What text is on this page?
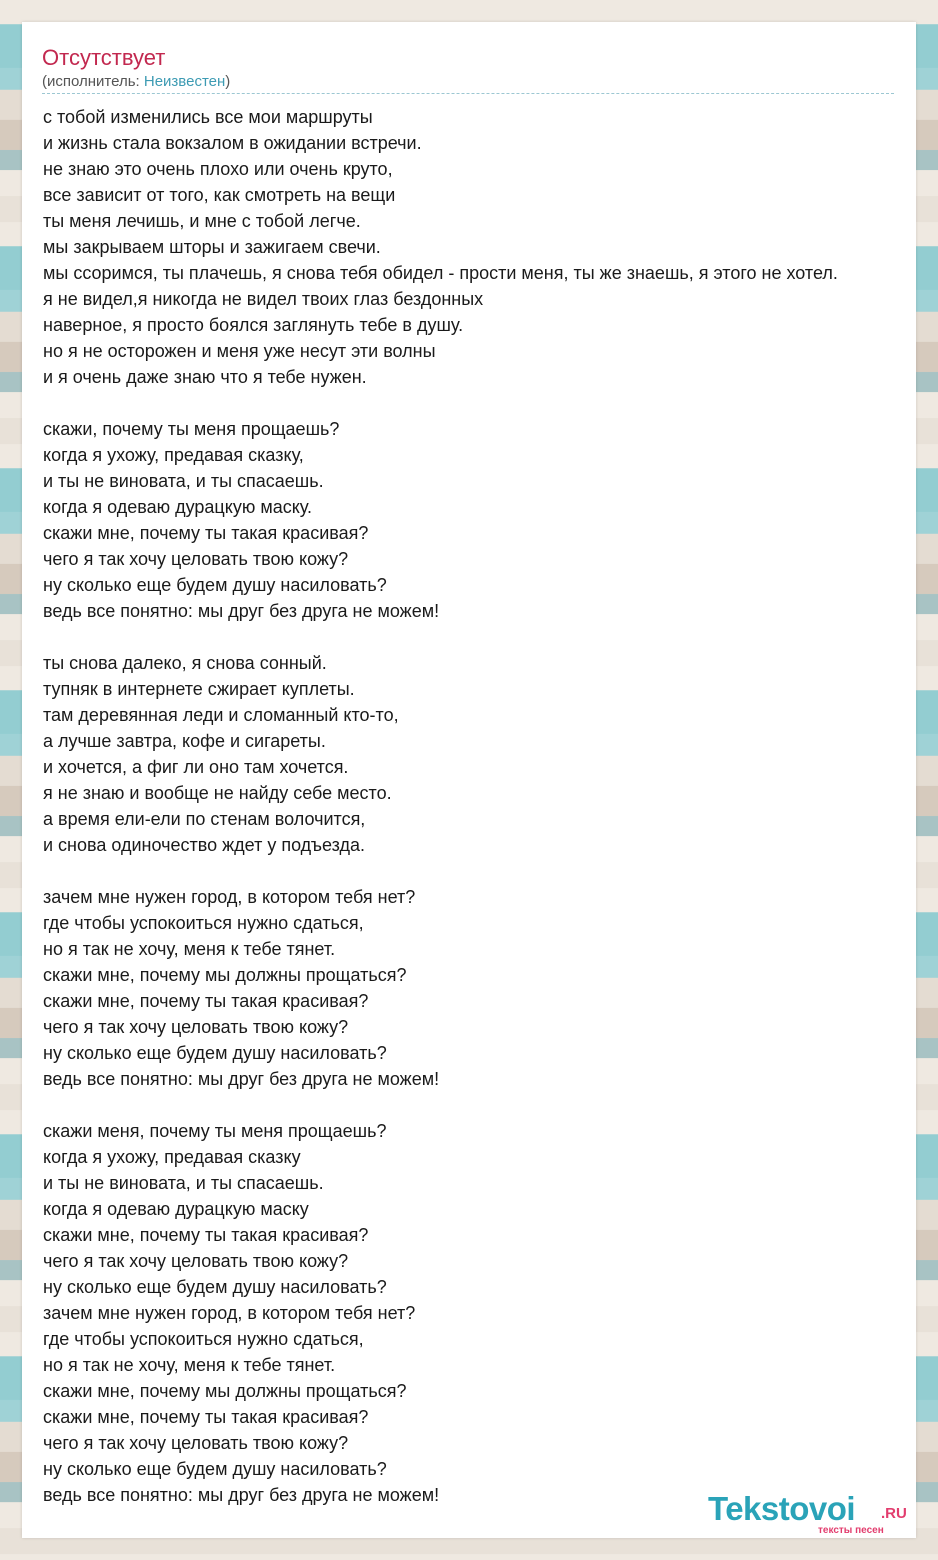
Отсутствует
(исполнитель: Неизвестен)
с тобой изменились все мои маршруты
и жизнь стала вокзалом в ожидании встречи.
не знаю это очень плохо или очень круто,
все зависит от того, как смотреть на вещи
ты меня лечишь, и мне с тобой легче.
мы закрываем шторы и зажигаем свечи.
мы ссоримся, ты плачешь, я снова тебя обидел - прости меня, ты же знаешь, я этого не хотел.
я не видел,я никогда не видел твоих глаз бездонных
наверное, я просто боялся заглянуть тебе в душу.
но я не осторожен и меня уже несут эти волны
и я очень даже знаю что я тебе нужен.

скажи, почему ты меня прощаешь?
когда я ухожу, предавая сказку,
и ты не виновата, и ты спасаешь.
когда я одеваю дурацкую маску.
скажи мне, почему ты такая красивая?
чего я так хочу целовать твою кожу?
ну сколько еще будем душу насиловать?
ведь все понятно: мы друг без друга не можем!

ты снова далеко, я снова сонный.
тупняк в интернете сжирает куплеты.
там деревянная леди и сломанный кто-то,
а лучше завтра, кофе и сигареты.
и хочется, а фиг ли оно там хочется.
я не знаю и вообще не найду себе место.
а время ели-ели по стенам волочится,
и снова одиночество ждет у подъезда.

зачем мне нужен город, в котором тебя нет?
где чтобы успокоиться нужно сдаться,
но я так не хочу, меня к тебе тянет.
скажи мне, почему мы должны прощаться?
скажи мне, почему ты такая красивая?
чего я так хочу целовать твою кожу?
ну сколько еще будем душу насиловать?
ведь все понятно: мы друг без друга не можем!

скажи меня, почему ты меня прощаешь?
когда я ухожу, предавая сказку
и ты не виновата, и ты спасаешь.
когда я одеваю дурацкую маску
скажи мне, почему ты такая красивая?
чего я так хочу целовать твою кожу?
ну сколько еще будем душу насиловать?
зачем мне нужен город, в котором тебя нет?
где чтобы успокоиться нужно сдаться,
но я так не хочу, меня к тебе тянет.
скажи мне, почему мы должны прощаться?
скажи мне, почему ты такая красивая?
чего я так хочу целовать твою кожу?
ну сколько еще будем душу насиловать?
ведь все понятно: мы друг без друга не можем!	Tekstovoi .RU
тексты песен
